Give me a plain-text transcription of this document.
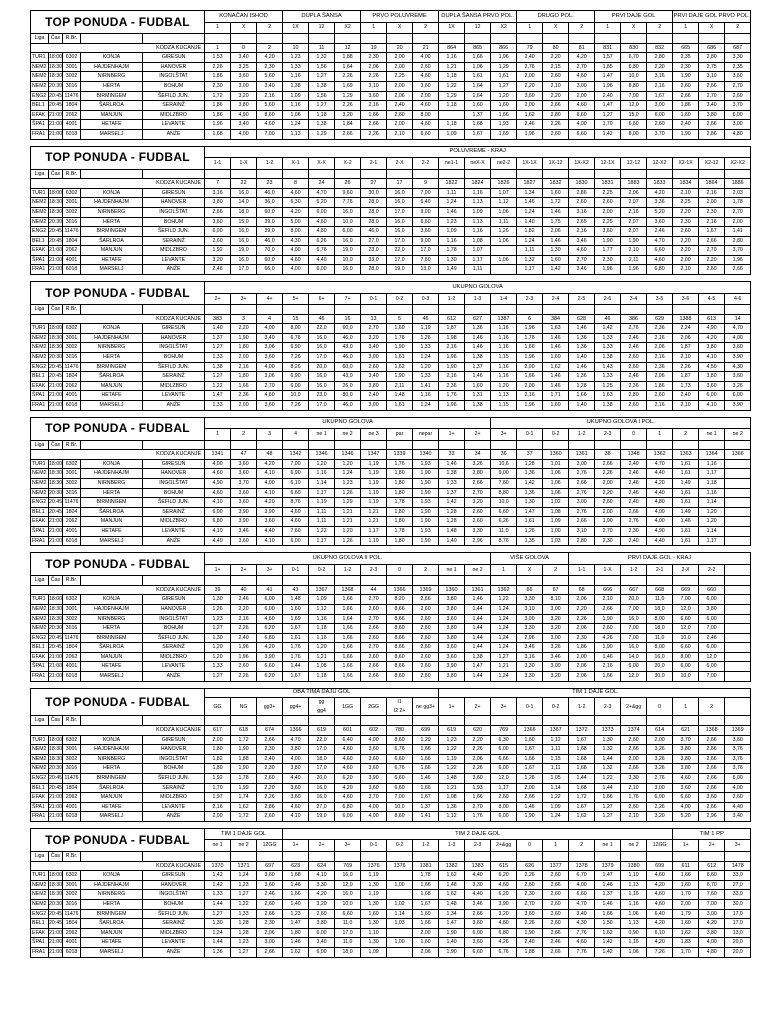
TOP PONUDA - FUDBAL					KONAČAN ISHOD			DUPLA ŠANSA			PRVO POLUVREME			DUPLA ŠANSA PRVO POL.			DRUGO POL.			PRVI DAJE GOL			PRVI DAJE GOL PRVO POL.		
					1	X	2	1X	12	X2	1	X	2	1X	12	X2	1	X	2	1	X	2	1	X	2
Liga	Čas	R.Br.																							
KODZA KUCANJE					1	0	2	10	11	12	19	20	21	864	865	866	79	80	81	831	830	832	665	686	687
TUR1	18:00	6302	KONJA	GIRESUN	1,53	3,40	4,20	1,23	1,32	1,88	2,30	2,00	4,00	1,16	1,66	1,96	2,40	2,20	4,20	1,57	6,70	2,80	2,35	2,80	3,30
NEM2	18:30	3001	HAJDENHAJM	HANOVER	2,26	3,25	2,30	1,33	1,56	1,64	2,06	2,00	2,60	1,21	1,06	1,29	2,76	2,15	2,70	1,85	6,80	2,20	2,30	2,75	2,35
NEM2	18:30	3002	NIRNBERG	INGOLŠTAT	1,86	3,60	5,60	1,16	1,27	2,26	2,26	2,25	4,60	1,18	1,61	1,61	2,00	2,60	4,60	1,47	10,0	3,16	1,90	3,10	3,60
NEM2	20:30	3016	HERTA	BOHUM	2,30	3,00	3,40	1,38	1,38	1,69	3,10	2,00	3,60	1,22	1,64	1,27	2,20	2,10	3,00	1,96	8,80	2,16	2,60	2,66	2,70
ENG2	20:45	11476	BIRMINGEM	ŠEFILD JUN.	1,72	3,20	2,16	1,09	1,56	1,29	3,60	2,06	2,00	1,29	1,64	1,20	3,60	2,20	2,00	2,40	7,00	1,67	2,66	2,70	2,60
BEL1	20:45	1804	ŠARLROA	SERAINŽ	1,86	3,80	5,60	1,16	1,27	2,26	2,16	2,40	4,60	1,18	1,60	1,60	2,00	2,66	4,60	1,47	12,0	3,00	1,86	3,40	3,70
EFAK	21:00	2062	MANJUN	MIDLZBRO	1,86	4,90	8,60	1,06	1,18	3,20	1,66	2,60	8,00		1,37	1,66	1,62	2,80	6,60	1,27	15,0	6,00	1,60	3,80	6,00
ŠPA1	21:00	4001	HETAFE	LEVANTE	1,96	3,40	4,60	1,24	1,38	1,84	2,66	2,00	4,60	1,18	1,68	1,93	2,46	2,26	4,00	1,70	6,60	2,60	2,40	2,66	3,00
FRA1	21:00	6018	MARSELJ	ANŽE	1,68	4,00	7,00	1,13	1,29	2,66	2,26	2,10	6,60	1,09	1,67	1,69	1,96	2,60	6,60	1,42	8,00	3,70	1,90	2,86	4,80
TOP PONUDA - FUDBAL					POLUVREME - KRAJ																				
					1-1	1-X	1-2	X-1	X-X	X-2	2-1	2-X	2-2	ne1-1	neX-X	ne2-2	1X-1X	1X-12	1X-X2	12-1X	12-12	12-X2	X2-1X	X2-12	X2-X2
Liga	Čas	R.Br.																							
KODZA KUCANJE					7	22	23	8	24	26	27	17	9	1822	1824	1826	1827	1832	1830	1831	1883	1833	1834	1864	1886
TUR1	18:00	6302	KONJA	GIRESUN	3,16	16,0	46,0	4,60	4,70	9,60	30,0	16,0	7,00	1,11	1,16	1,07	1,34	1,60	2,86	2,25	2,06	4,20	2,10	2,16	2,03
NEM2	18:30	3001	HAJDENHAJM	HANOVER	3,80	14,0	36,0	6,30	6,20	7,76	28,0	16,0	6,40	1,24	1,13	1,12	1,46	1,72	2,60	2,60	2,07	3,36	2,25	2,00	1,78
NEM2	18:30	3002	NIRNBERG	INGOLŠTAT	2,66	18,0	60,0	4,20	6,00	16,0	28,0	17,0	9,00	1,46	1,09	1,06	1,24	1,46	3,16	2,00	2,16	5,20	2,20	2,30	2,70
NEM2	20:30	3016	HERTA	BOHUM	3,60	15,0	39,0	5,00	4,60	10,0	28,0	16,0	6,60	1,23	1,13	1,11	1,40	1,75	2,65	2,25	2,07	3,60	2,30	2,16	2,00
ENG2	20:45	11476	BIRMINGEM	ŠEFILD JUN.	6,00	16,0	39,0	8,00	4,80	6,00	46,0	16,0	3,60	1,09	1,16	1,26	1,82	2,06	2,16	3,60	2,07	2,46	2,60	1,67	1,41
BEL1	20:45	1804	ŠARLROA	SERAINŽ	2,60	16,0	46,0	4,30	6,26	16,0	27,0	17,0	9,00	1,16	1,08	1,06	1,24	1,46	3,46	1,90	1,90	4,70	2,20	2,66	2,80
EFAK	21:00	2062	MANJUN	MIDLZBRO	1,92	19,0	70,0	4,00	6,76	19,0	23,0	22,0	17,0	1,78	1,07		1,11	1,30	4,60	1,77	2,10	6,60	2,20	2,70	3,70
ŠPA1	21:00	4001	HETAFE	LEVANTE	3,20	16,0	60,0	4,60	4,40	10,0	33,0	17,0	7,60	1,30	1,17	1,06	1,32	1,60	2,70	2,30	2,11	4,60	2,00	2,20	1,96
FRA1	21:00	6018	MARSELJ	ANŽE	2,46	17,0	66,0	4,00	6,00	16,0	28,0	19,0	13,0	1,49	1,11		1,17	1,42	3,46	1,96	1,96	6,80	2,10	2,60	2,66
TOP PONUDA - FUDBAL					UKUPNO GOLOVA																				
					2+	3+	4+	5+	6+	7+	0-1	0-2	0-3	1-2	1-3	1-4	2-3	2-4	2-5	2-6	3-4	3-5	3-6	4-5	4-6
Liga	Čas	R.Br.																							
KODZA KUCANJE					383	3	4	15	46	16	13	5	46	612	627	1387	6	384	628	46	386	629	1388	613	14
TUR1	18:00	6302	KONJA	GIRESUN	1,40	2,20	4,00	8,00	22,0	60,0	2,70	1,60	1,19	1,87	1,36	1,16	1,96	1,63	1,46	1,42	2,76	2,36	2,24	4,90	4,70
NEM2	18:30	3001	HAJDENHAJM	HANOVER	1,37	1,90	3,40	6,76	16,0	46,0	3,20	1,76	1,26	1,98	1,46	1,16	1,76	1,46	1,36	1,33	2,46	2,16	2,06	4,20	4,00
NEM2	18:30	3002	NIRNBERG	INGOLŠTAT	1,27	1,80	3,06	6,90	16,0	43,0	3,40	1,90	1,33	2,16	1,46	1,16	1,66	1,46	1,36	1,33	2,46	2,06	1,87	3,80	3,60
NEM2	20:30	3016	HERTA	BOHUM	1,33	2,00	3,60	7,26	17,0	46,0	3,00	1,61	1,24	1,96	1,38	1,15	1,96	1,60	1,40	1,38	2,60	2,16	2,10	4,10	3,90
ENG2	20:45	11476	BIRMINGEM	ŠEFILD JUN.	1,38	2,16	4,00	8,26	20,0	60,0	2,60	1,62	1,20	1,90	1,37	1,16	2,00	1,62	1,46	1,43	2,60	2,36	2,26	4,50	4,30
BEL1	20:45	1804	ŠARLROA	SERAINŽ	1,27	1,80	3,06	6,90	16,0	43,0	3,40	1,90	1,33	2,16	1,46	1,16	1,66	1,46	1,36	1,33	2,46	2,06	1,87	3,80	3,60
EFAK	21:00	2062	MANJUN	MIDLZBRO	1,22	1,66	2,70	6,00	16,0	26,0	3,80	2,11	1,41	2,36	1,60	1,20	2,00	1,46	1,28	1,25	2,36	1,86	1,73	3,60	3,26
ŠPA1	21:00	4001	HETAFE	LEVANTE	1,47	2,36	4,60	10,0	23,0	80,0	2,40	1,48	1,16	1,76	1,31	1,13	2,16	1,71	1,66	1,63	2,80	2,60	2,40	6,00	6,00
FRA1	21:00	6018	MARSELJ	ANŽE	1,33	2,00	3,60	7,26	17,0	46,0	3,00	1,61	1,24	1,96	1,38	1,15	1,96	1,60	1,40	1,38	2,60	2,16	2,10	4,10	3,90
TOP PONUDA - FUDBAL					UKUPNO GOLOVA											UKUPNO GOLOVA I POL.									
					1	2	3	4	ne 1	ne 2	ne 3	par	nepar	1+	2+	3+	0-1	0-2	1-2	2-3	0	1	2	ne 1	ne 2
Liga	Čas	R.Br.																							
KODZA KUCANJE					1341	47	48	1342	1346	1346	1347	1339	1340	33	34	36	37	1360	1361	38	1348	1362	1363	1364	1366
TUR1	18:00	6302	KONJA	GIRESUN	4,00	3,60	4,20	7,00	1,20	1,20	1,19	1,76	1,93	1,46	3,26	10,6	1,28	1,01	3,00	2,66	2,40	4,70	1,61	1,16	
NEM2	18:30	3001	HAJDENHAJM	HANOVER	4,60	3,60	4,10	6,90	1,16	1,24	1,19	1,80	1,90	1,38	2,80	9,00	1,36	1,06	2,76	2,26	2,46	4,40	1,61	1,17	
NEM2	18:30	3002	NIRNBERG	INGOLŠTAT	4,90	3,70	4,00	6,10	1,14	1,23	1,19	1,80	1,90	1,33	2,66	7,60	1,42	1,06	2,66	2,00	2,46	4,20	1,49	1,18	
NEM2	20:30	3016	HERTA	BOHUM	4,60	3,60	4,10	6,60	1,17	1,26	1,19	1,80	1,90	1,37	2,70	8,80	1,36	1,06	2,76	2,20	2,46	4,40	1,61	1,16	
ENG2	20:45	11476	BIRMINGEM	ŠEFILD JUN.	4,10	3,60	4,20	8,76	1,19	1,29	1,19	1,78	1,93	1,42	3,20	10,0	1,30	1,02	3,00	2,60	2,40	4,80	1,61	1,14	
BEL1	20:45	1804	ŠARLROA	SERAINŽ	6,00	3,90	3,90	4,60	1,11	1,21	1,21	1,80	1,90	1,28	2,60	6,60	1,47	1,08	2,76	2,00	2,66	4,00	1,49	1,20	
EFAK	21:00	2062	MANJUN	MIDLZBRO	6,80	3,90	3,60	4,60	1,11	1,21	1,21	1,80	1,90	1,28	2,60	6,26	1,61	1,09	2,66	1,90	2,76	4,00	1,46	1,20	
ŠPA1	21:00	4001	HETAFE	LEVANTE	4,10	3,46	4,40	7,60	1,22	1,20	1,17	1,78	1,93	1,48	3,30	11,0	1,26	1,00	3,10	2,70	2,30	4,90	1,61	1,14	
FRA1	21:00	6018	MARSELJ	ANŽE	4,40	3,60	4,10	6,00	1,17	1,26	1,19	1,80	1,90	1,40	2,96	8,76	1,35	1,03	2,80	2,30	2,40	4,40	1,61	1,17	
TOP PONUDA - FUDBAL					UKUPNO GOLOVA II POL.											VIŠE GOLOVA			PRVI DAJE GOL - KRAJ						
					1+	2+	3+	0-1	0-2	1-2	2-3	0	2	ne 1	ne 2	1	X	2	1-1	1-X	1-2	2-1	2-X	2-2	
Liga	Čas	R.Br.																							
KODZA KUCANJE					39	40	41	43	1367	1368	44	1366	1369	1360	1361	1362	66	67	68	666	667	668	669	660	
TUR1	18:00	6302	KONJA	GIRESUN	1,30	2,46	6,00	1,48	1,09	1,66	2,70	8,20	2,66	3,80	1,46	1,22	3,30	8,10	2,06	2,10	20,0	11,0	7,00	6,00	
NEM2	18:30	3001	HAJDENHAJM	HANOVER	1,26	2,20	6,00	1,60	1,12	1,66	2,60	8,66	2,60	3,80	1,44	1,24	3,10	3,00	2,20	2,66	7,00	18,0	12,0	3,80	
NEM2	18:30	3002	NIRNBERG	INGOLŠTAT	1,23	2,16	4,60	1,69	1,16	1,64	2,70	8,66	2,60	3,60	1,44	1,24	3,00	3,20	2,26	1,90	16,0	8,00	6,60	6,00	
NEM2	20:30	3016	HERTA	BOHUM	1,27	2,26	6,20	1,67	1,18	1,66	2,66	8,60	2,60	3,80	1,44	1,24	3,30	3,20	2,06	2,60	7,00	18,0	12,0	7,00	
ENG2	20:45	11476	BIRMINGEM	ŠEFILD JUN.	1,30	2,40	6,80	1,61	1,16	1,66	2,60	8,66	2,60	3,80	1,44	1,24	2,96	3,00	2,30	4,26	7,00	11,0	10,0	2,46	
BEL1	20:45	1804	ŠARLROA	SERAINŽ	1,20	1,96	4,20	1,76	1,20	1,66	2,70	8,66	2,60	3,60	1,44	1,24	3,46	3,26	1,86	1,90	16,0	8,00	6,60	6,00	
EFAK	21:00	2062	MANJUN	MIDLZBRO	1,20	1,96	3,90	1,76	1,21	1,66	2,60	8,60	2,60	3,60	1,38	1,27	3,16	3,46	2,00	1,46	14,0	16,0	8,00	12,0	
ŠPA1	21:00	4001	HETAFE	LEVANTE	1,33	2,60	6,60	1,44	1,08	1,66	2,66	8,66	2,60	3,90	1,47	1,21	3,30	3,00	2,06	2,16	6,00	20,0	6,00	6,00	
FRA1	21:00	6018	MARSELJ	ANŽE	1,27	2,26	6,20	1,67	1,18	1,66	2,66	8,60	2,60	3,80	1,44	1,24	3,30	3,20	2,06	1,66	12,0	30,0	10,0	7,00	
TOP PONUDA - FUDBAL					OBA TIMA DAJU GOL									TIM 1 DAJE GOL											
					GG	NG	gg3+	gg4+	gg
gg4	1GG	2GG	I1
I2 2+	ne gg3+	1+	2+	3+	0-1	0-2	1-2	2-3	2+&gg	0	1	2	
Liga	Čas	R.Br.																							
KODZA KUCANJE					617	618	674	1366	619	601	602	780	699	619	620	769	1366	1367	1372	1373	1374	614	621	1368	1369
TUR1	18:00	6302	KONJA	GIRESUN	2,00	1,72	2,66	4,70	22,0	6,40	4,00	8,60	1,29	1,23	2,20	6,30	1,60	1,12	1,67	1,30	2,60	2,00	3,70	2,66	3,60
NEM2	18:30	3001	HAJDENHAJM	HANOVER	1,80	1,90	2,30	3,80	17,0	4,60	3,60	6,76	1,66	1,22	2,26	6,00	1,67	1,11	1,68	1,32	2,66	3,26	3,80	2,66	3,76
NEM2	18:30	3002	NIRNBERG	INGOLŠTAT	1,82	1,88	2,40	4,00	18,0	4,60	3,60	6,60	1,66	1,19	2,06	6,66	1,66	1,15	1,68	1,44	2,00	3,26	3,80	2,66	3,76
NEM2	20:30	3016	HERTA	BOHUM	1,80	1,90	2,30	3,80	17,0	4,60	3,60	6,76	1,66	1,22	2,26	6,00	1,67	1,11	1,68	1,32	2,66	3,26	3,80	2,66	3,76
ENG2	20:45	11476	BIRMINGEM	ŠEFILD JUN.	1,92	1,78	2,60	4,40	20,0	6,20	3,90	6,60	1,46	1,48	3,60	12,0	1,26	1,05	1,44	1,22	3,30	2,76	4,60	2,66	6,00
BEL1	20:45	1804	ŠARLROA	SERAINŽ	1,70	1,99	2,20	3,60	16,0	4,20	3,60	6,60	1,66	1,21	1,93	1,17	2,00	1,14	1,68	1,44	2,10	3,00	3,60	2,66	4,00
EFAK	21:00	2062	MANJUN	MIDLZBRO	1,97	1,74	2,26	3,60	16,0	4,60	3,70	7,00	1,67	1,08	1,66	2,60	2,66	1,22	1,72	1,66	1,76	6,00	6,60	3,60	2,60
ŠPA1	21:00	4001	HETAFE	LEVANTE	2,16	1,62	2,86	4,60	27,0	6,80	4,00	10,0	1,37	1,36	2,70	8,00	1,46	1,09	1,67	1,27	2,60	2,26	4,00	2,66	4,40
FRA1	21:00	6018	MARSELJ	ANŽE	2,00	1,72	2,60	4,10	19,0	6,00	4,00	8,60	1,41	1,12	1,76	6,00	1,90	1,24	1,62	1,27	2,10	3,20	5,20	2,96	3,40
TOP PONUDA - FUDBAL					TIM 1 DAJE GOL			TIM 2 DAJE GOL															TIM 1 PP		
					ne 1	ne 2	12GG	1+	2+	3+	0-1	0-2	1-2	1-3	2-3	2+&gg	0	1	2	ne 1	ne 2	12GG	1+	2+	3+
Liga	Čas	R.Br.																							
KODZA KUCANJE					1370	1371	697	623	624	769	1376	1376	1381	1382	1383	615	626	1377	1378	1379	1380	699	611	612	1478
TUR1	18:00	6302	KONJA	GIRESUN	1,42	1,24	3,60	1,68	4,10	16,0	1,19		1,78	1,62	4,40	6,20	2,26	2,60	6,70	1,47	1,10	4,60	1,66	6,60	33,0
NEM2	18:30	3001	HAJDENHAJM	HANOVER	1,42	1,23	3,60	1,46	3,30	12,0	1,30	1,00	1,66	1,48	3,30	4,60	2,60	2,66	4,00	1,46	1,13	4,20	1,60	6,70	27,0
NEM2	18:30	3002	NIRNBERG	INGOLŠTAT	1,33	1,27	2,46	1,66	4,20	16,0	1,19		1,68	1,62	4,40	6,20	2,30	2,60	6,60	1,37	1,16	4,60	1,70	7,60	33,0
NEM2	20:30	3016	HERTA	BOHUM	1,44	1,22	2,60	1,40	3,20	10,0	1,30	1,02	1,67	1,48	3,46	3,90	2,70	2,60	4,70	1,46	1,16	4,60	2,00	7,00	30,0
ENG2	20:45	11476	BIRMINGEM	ŠEFILD JUN.	1,27	1,33	2,66	1,23	2,60	6,60	1,60	1,14	1,60	1,34	2,66	3,20	3,60	2,60	3,40	1,66	1,06	6,40	1,79	3,00	17,0
BEL1	20:45	1804	ŠARLROA	SERAINŽ	1,30	1,28	2,30	1,47	3,80	11,0	1,30	1,03	1,66	1,47	3,60	4,60	2,26	2,60	4,30	1,50	1,13	4,20	1,60	4,20	17,0
EFAK	21:00	2062	MANJUN	MIDLZBRO	1,24	1,28	2,06	1,80	6,00	17,0	1,10		2,00	1,90	6,00	6,80	1,90	2,66	7,76	1,62	0,90	6,10	1,62	3,80	13,0
ŠPA1	21:00	4001	HETAFE	LEVANTE	1,44	1,23	3,00	1,46	3,40	11,0	1,30	1,00	1,60	1,40	3,60	4,26	2,40	2,46	4,60	1,42	1,16	4,20	1,83	4,00	20,0
FRA1	21:00	6018	MARSELJ	ANŽE	1,36	1,27	2,66	1,62	6,00	18,0	1,09		2,06	1,90	6,60	6,76	1,88	2,66	7,76	1,42	1,06	7,26	1,70	4,80	20,0
